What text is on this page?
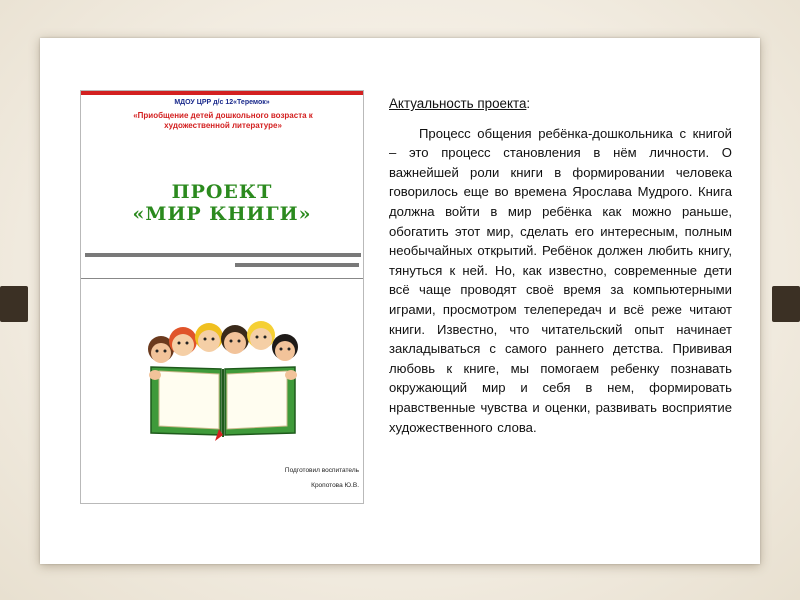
МДОУ ЦРР д/с 12«Теремок»
«Приобщение детей дошкольного возраста к художественной литературе»
ПРОЕКТ
«МИР КНИГИ»
Подготовил воспитатель
Кропотова Ю.В.

Актуальность проекта:

Процесс общения ребёнка-дошкольника с книгой – это процесс становления в нём личности. О важнейшей роли книги в формировании человека говорилось еще во времена Ярослава Мудрого. Книга должна войти в мир ребёнка как можно раньше, обогатить этот мир, сделать его интересным, полным необычайных открытий. Ребёнок должен любить книгу, тянуться к ней. Но, как известно, современные дети всё чаще проводят своё время за компьютерными играми, просмотром телепередач и всё реже читают книги. Известно, что читательский опыт начинает закладываться с самого раннего детства. Прививая любовь к книге, мы помогаем ребенку познавать окружающий мир и себя в нем, формировать нравственные чувства и оценки, развивать восприятие художественного слова.
